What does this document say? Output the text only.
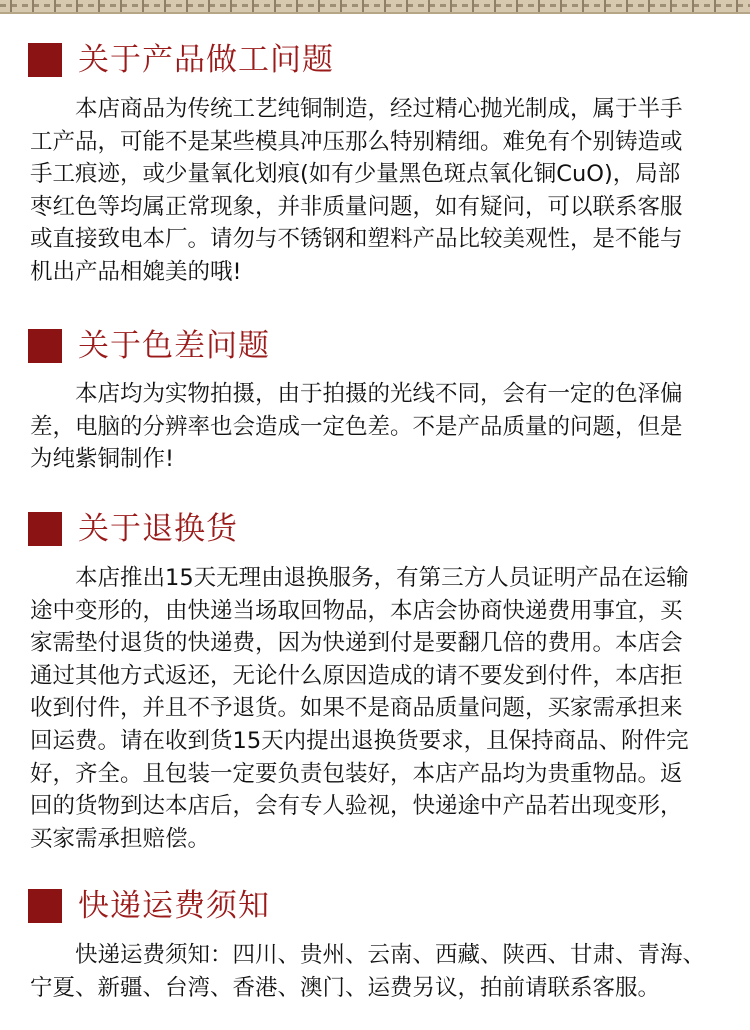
关于产品做工问题
　　本店商品为传统工艺纯铜制造，经过精心抛光制成，属于半手
工产品，可能不是某些模具冲压那么特别精细。难免有个别铸造或
手工痕迹，或少量氧化划痕(如有少量黑色斑点氧化铜CuO)，局部
枣红色等均属正常现象，并非质量问题，如有疑问，可以联系客服
或直接致电本厂。请勿与不锈钢和塑料产品比较美观性，是不能与
机出产品相媲美的哦!
关于色差问题
　　本店均为实物拍摄，由于拍摄的光线不同，会有一定的色泽偏
差，电脑的分辨率也会造成一定色差。不是产品质量的问题，但是
为纯紫铜制作!
关于退换货
　　本店推出15天无理由退换服务，有第三方人员证明产品在运输
途中变形的，由快递当场取回物品，本店会协商快递费用事宜，买
家需垫付退货的快递费，因为快递到付是要翻几倍的费用。本店会
通过其他方式返还，无论什么原因造成的请不要发到付件，本店拒
收到付件，并且不予退货。如果不是商品质量问题，买家需承担来
回运费。请在收到货15天内提出退换货要求，且保持商品、附件完
好，齐全。且包装一定要负责包装好，本店产品均为贵重物品。返
回的货物到达本店后，会有专人验视，快递途中产品若出现变形，
买家需承担赔偿。
快递运费须知
　　快递运费须知：四川、贵州、云南、西藏、陕西、甘肃、青海、
宁夏、新疆、台湾、香港、澳门、运费另议，拍前请联系客服。
